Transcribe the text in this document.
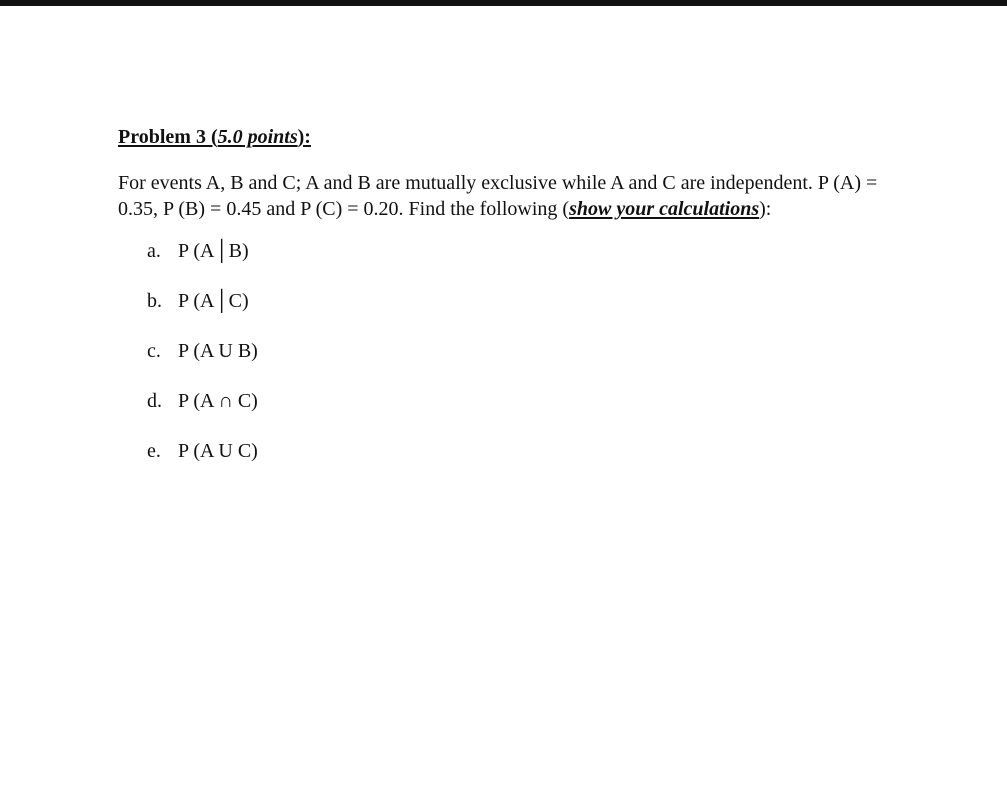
Problem 3 (5.0 points):
For events A, B and C; A and B are mutually exclusive while A and C are independent. P (A) = 0.35, P (B) = 0.45 and P (C) = 0.20. Find the following (show your calculations):
a. P (A│B)
b. P (A│C)
c. P (A U B)
d. P (A ∩ C)
e. P (A U C)
